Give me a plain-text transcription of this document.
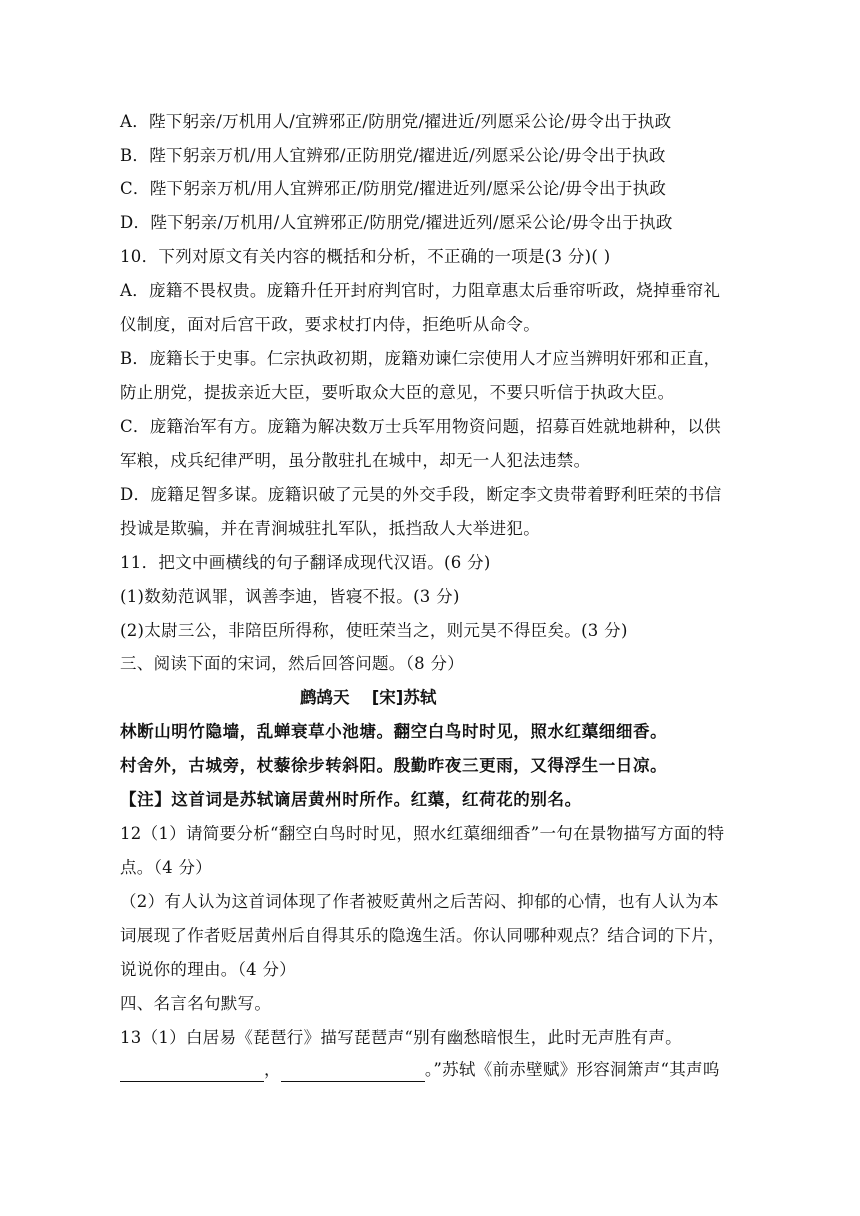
A．陛下躬亲/万机用人/宜辨邪正/防朋党/擢进近/列愿采公论/毋令出于执政
B．陛下躬亲万机/用人宜辨邪/正防朋党/擢进近/列愿采公论/毋令出于执政
C．陛下躬亲万机/用人宜辨邪正/防朋党/擢进近列/愿采公论/毋令出于执政
D．陛下躬亲/万机用/人宜辨邪正/防朋党/擢进近列/愿采公论/毋令出于执政
10．下列对原文有关内容的概括和分析，不正确的一项是(3 分)( )
A．庞籍不畏权贵。庞籍升任开封府判官时，力阻章惠太后垂帘听政，烧掉垂帘礼
仪制度，面对后宫干政，要求杖打内侍，拒绝听从命令。
B．庞籍长于史事。仁宗执政初期，庞籍劝谏仁宗使用人才应当辨明奸邪和正直，
防止朋党，提拔亲近大臣，要听取众大臣的意见，不要只听信于执政大臣。
C．庞籍治军有方。庞籍为解决数万士兵军用物资问题，招募百姓就地耕种，以供
军粮，戍兵纪律严明，虽分散驻扎在城中，却无一人犯法违禁。
D．庞籍足智多谋。庞籍识破了元昊的外交手段，断定李文贵带着野利旺荣的书信
投诚是欺骗，并在青涧城驻扎军队，抵挡敌人大举进犯。
11．把文中画横线的句子翻译成现代汉语。(6 分)
(1)数劾范讽罪，讽善李迪，皆寝不报。(3 分)
(2)太尉三公，非陪臣所得称，使旺荣当之，则元昊不得臣矣。(3 分)
三、阅读下面的宋词，然后回答问题。（8 分）
鹧鸪天　 [宋]苏轼
林断山明竹隐墙，乱蝉衰草小池塘。翻空白鸟时时见，照水红蕖细细香。
村舍外，古城旁，杖藜徐步转斜阳。殷勤昨夜三更雨，又得浮生一日凉。
【注】这首词是苏轼谪居黄州时所作。红蕖，红荷花的别名。
12（1）请简要分析“翻空白鸟时时见，照水红蕖细细香”一句在景物描写方面的特
点。（4 分）
（2）有人认为这首词体现了作者被贬黄州之后苦闷、抑郁的心情，也有人认为本
词展现了作者贬居黄州后自得其乐的隐逸生活。你认同哪种观点？结合词的下片，
说说你的理由。（4 分）
四、名言名句默写。
13（1）白居易《琵琶行》描写琵琶声“别有幽愁暗恨生，此时无声胜有声。
，	。”苏轼《前赤壁赋》形容洞箫声“其声呜
